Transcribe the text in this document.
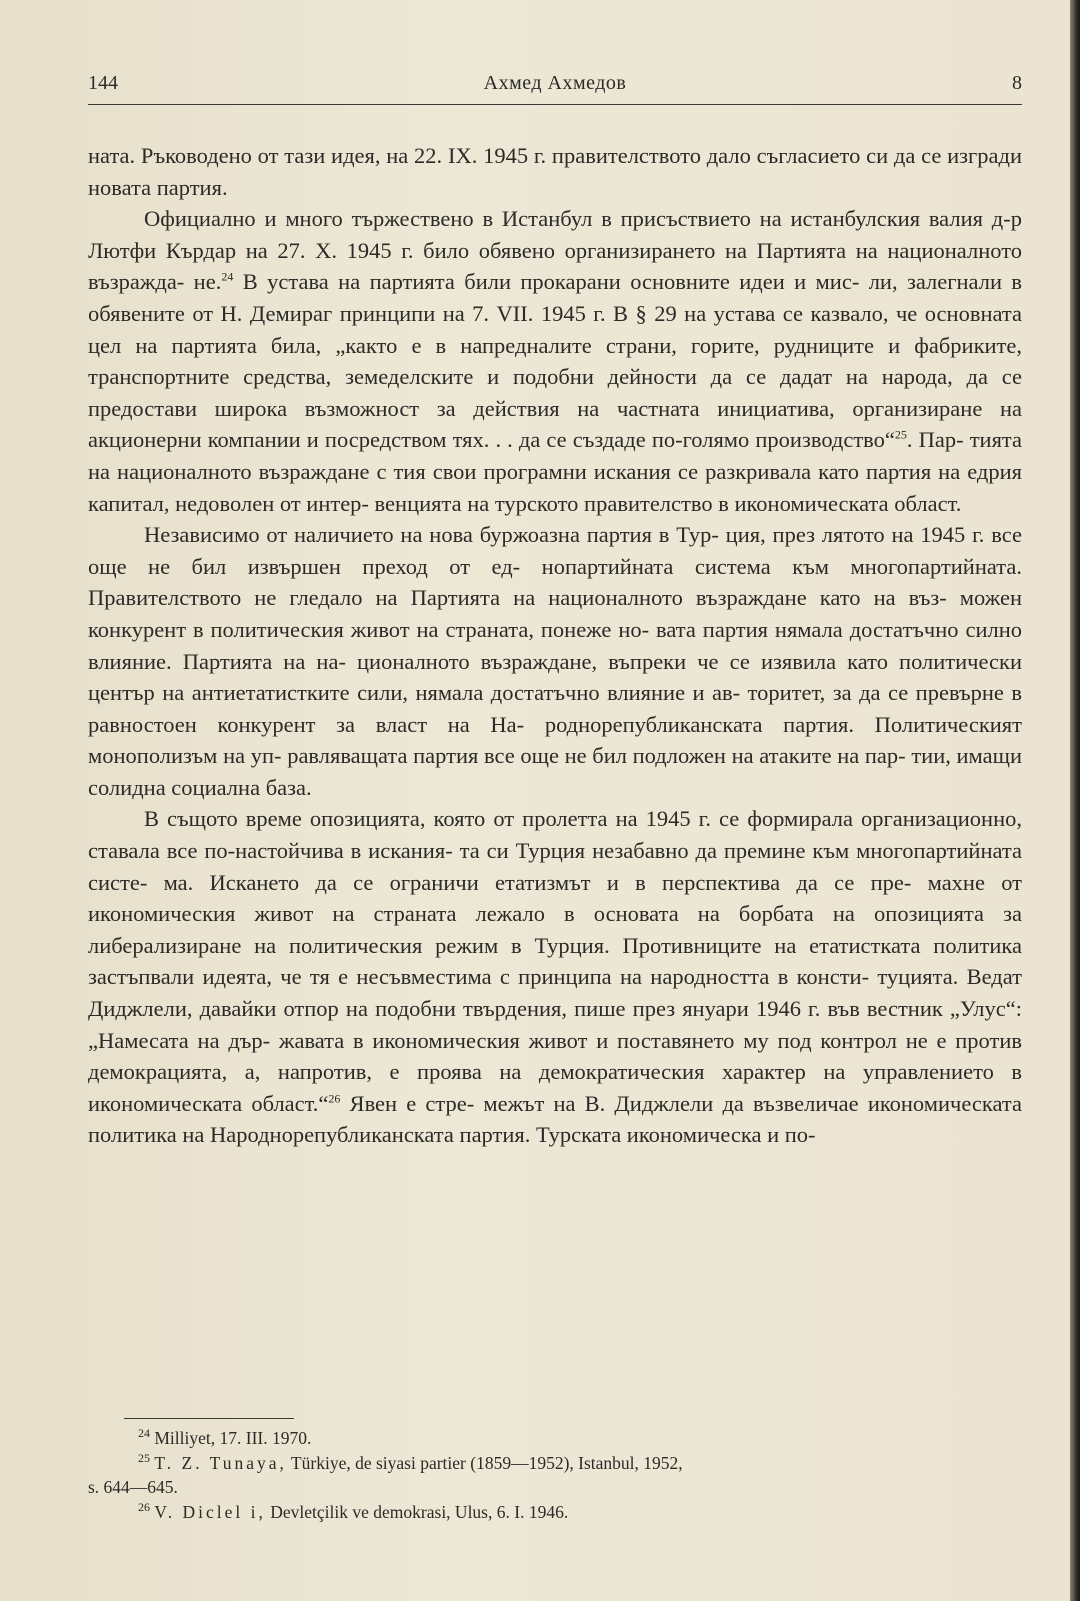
144	Ахмед Ахмедов	8

ната. Ръководено от тази идея, на 22. IX. 1945 г. правителството дало съгласието си да се изгради новата партия.

Официално и много тържествено в Истанбул в присъствието на истанбулския валия д-р Лютфи Кърдар на 27. X. 1945 г. било обявено организирането на Партията на националното възражда- не.$^{24}$ В устава на партията били прокарани основните идеи и мис- ли, залегнали в обявените от Н. Демираг принципи на 7. VII. 1945 г. В § 29 на устава се казвало, че основната цел на партията била, „както е в напредналите страни, горите, рудниците и фабриките, транспортните средства, земеделските и подобни дейности да се дадат на народа, да се предостави широка възможност за действия на частната инициатива, организиране на акционерни компании и посредством тях. . . да се създаде по-голямо производство“$^{25}$. Пар- тията на националното възраждане с тия свои програмни искания се разкривала като партия на едрия капитал, недоволен от интер- венцията на турското правителство в икономическата област.

Независимо от наличието на нова буржоазна партия в Тур- ция, през лятото на 1945 г. все още не бил извършен преход от ед- нопартийната система към многопартийната. Правителството не гледало на Партията на националното възраждане като на въз- можен конкурент в политическия живот на страната, понеже но- вата партия нямала достатъчно силно влияние. Партията на на- ционалното възраждане, въпреки че се изявила като политически център на антиетатистките сили, нямала достатъчно влияние и ав- торитет, за да се превърне в равностоен конкурент за власт на На- роднорепубликанската партия. Политическият монополизъм на уп- равляващата партия все още не бил подложен на атаките на пар- тии, имащи солидна социална база.

В същото време опозицията, която от пролетта на 1945 г. се формирала организационно, ставала все по-настойчива в искания- та си Турция незабавно да премине към многопартийната систе- ма. Искането да се ограничи етатизмът и в перспектива да се пре- махне от икономическия живот на страната лежало в основата на борбата на опозицията за либерализиране на политическия режим в Турция. Противниците на етатистката политика застъпвали идеята, че тя е несъвместима с принципа на народността в консти- туцията. Ведат Диджлели, давайки отпор на подобни твърдения, пише през януари 1946 г. във вестник „Улус“: „Намесата на дър- жавата в икономическия живот и поставянето му под контрол не е против демокрацията, а, напротив, е проява на демократическия характер на управлението в икономическата област.“$^{26}$ Явен е стре- межът на В. Диджлели да възвеличае икономическата политика на Народнорепубликанската партия. Турската икономическа и по-

$^{24}$ Milliyet, 17. III. 1970.

$^{25}$ T. Z. Tunaya, Türkiye, de siyasi partier (1859—1952), Istanbul, 1952,

s. 644—645.

$^{26}$ V. Diclel i, Devletçilik ve demokrasi, Ulus, 6. I. 1946.
